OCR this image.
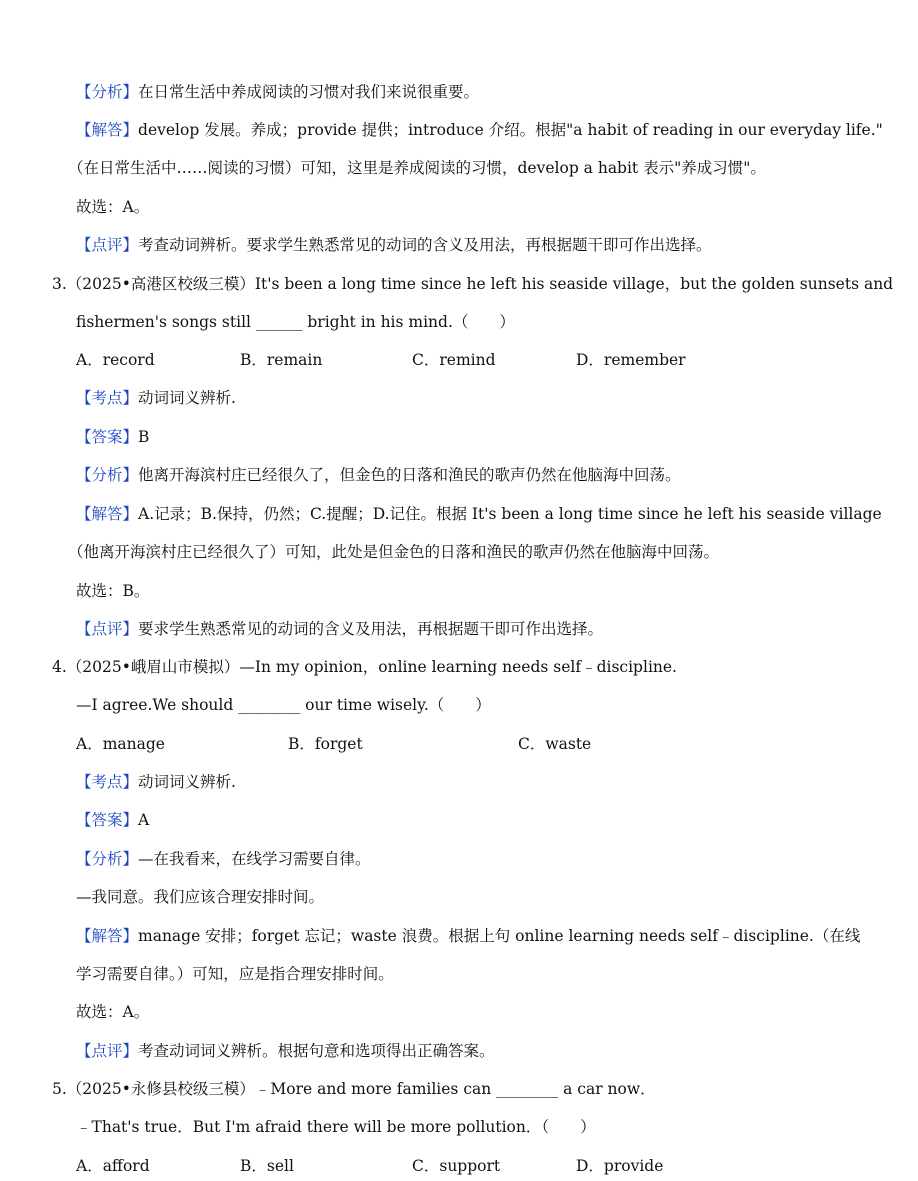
【分析】在日常生活中养成阅读的习惯对我们来说很重要。
【解答】develop 发展。养成；provide 提供；introduce 介绍。根据"a habit of reading in our everyday life."
（在日常生活中……阅读的习惯）可知，这里是养成阅读的习惯，develop a habit 表示"养成习惯"。
故选：A。
【点评】考查动词辨析。要求学生熟悉常见的动词的含义及用法，再根据题干即可作出选择。
3.（2025•高港区校级三模）It's been a long time since he left his seaside village，but the golden sunsets and
fishermen's songs still ______ bright in his mind.（　　）
A．record	B．remain	C．remind	D．remember
【考点】动词词义辨析.
【答案】B
【分析】他离开海滨村庄已经很久了，但金色的日落和渔民的歌声仍然在他脑海中回荡。
【解答】A.记录；B.保持，仍然；C.提醒；D.记住。根据 It's been a long time since he left his seaside village
（他离开海滨村庄已经很久了）可知，此处是但金色的日落和渔民的歌声仍然在他脑海中回荡。
故选：B。
【点评】要求学生熟悉常见的动词的含义及用法，再根据题干即可作出选择。
4.（2025•峨眉山市模拟）—In my opinion，online learning needs self﹣discipline.
—I agree.We should ________ our time wisely.（　　）
A．manage	B．forget	C．waste
【考点】动词词义辨析.
【答案】A
【分析】—在我看来，在线学习需要自律。
—我同意。我们应该合理安排时间。
【解答】manage 安排；forget 忘记；waste 浪费。根据上句 online learning needs self﹣discipline.（在线
学习需要自律。）可知，应是指合理安排时间。
故选：A。
【点评】考查动词词义辨析。根据句意和选项得出正确答案。
5.（2025•永修县校级三模）﹣More and more families can ________ a car now．
﹣That's true．But I'm afraid there will be more pollution．（　　）
A．afford	B．sell	C．support	D．provide
